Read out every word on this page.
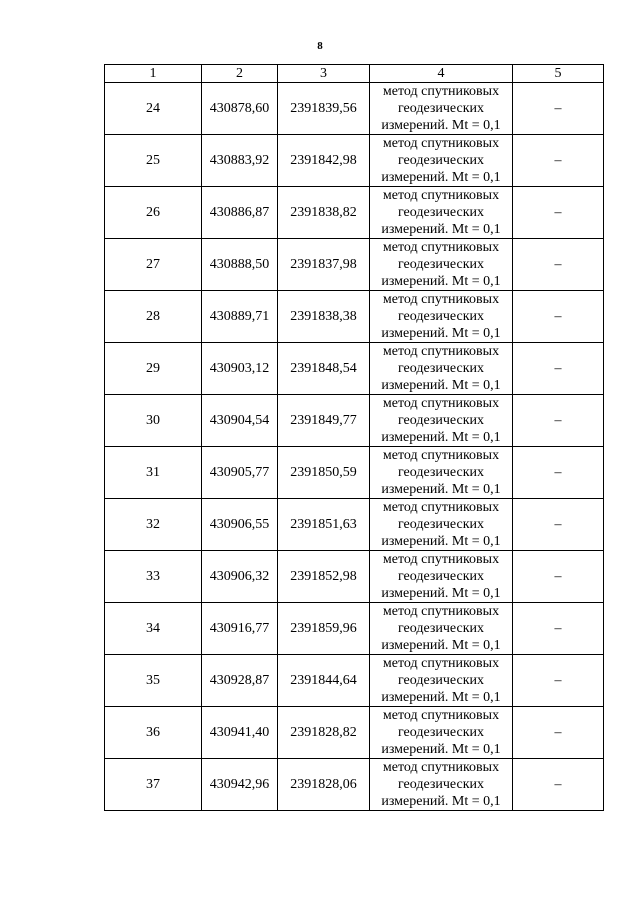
8
1	2	3	4	5
24	430878,60	2391839,56	метод спутниковых
геодезических
измерений. Mt = 0,1	–
25	430883,92	2391842,98	метод спутниковых
геодезических
измерений. Mt = 0,1	–
26	430886,87	2391838,82	метод спутниковых
геодезических
измерений. Mt = 0,1	–
27	430888,50	2391837,98	метод спутниковых
геодезических
измерений. Mt = 0,1	–
28	430889,71	2391838,38	метод спутниковых
геодезических
измерений. Mt = 0,1	–
29	430903,12	2391848,54	метод спутниковых
геодезических
измерений. Mt = 0,1	–
30	430904,54	2391849,77	метод спутниковых
геодезических
измерений. Mt = 0,1	–
31	430905,77	2391850,59	метод спутниковых
геодезических
измерений. Mt = 0,1	–
32	430906,55	2391851,63	метод спутниковых
геодезических
измерений. Mt = 0,1	–
33	430906,32	2391852,98	метод спутниковых
геодезических
измерений. Mt = 0,1	–
34	430916,77	2391859,96	метод спутниковых
геодезических
измерений. Mt = 0,1	–
35	430928,87	2391844,64	метод спутниковых
геодезических
измерений. Mt = 0,1	–
36	430941,40	2391828,82	метод спутниковых
геодезических
измерений. Mt = 0,1	–
37	430942,96	2391828,06	метод спутниковых
геодезических
измерений. Mt = 0,1	–
